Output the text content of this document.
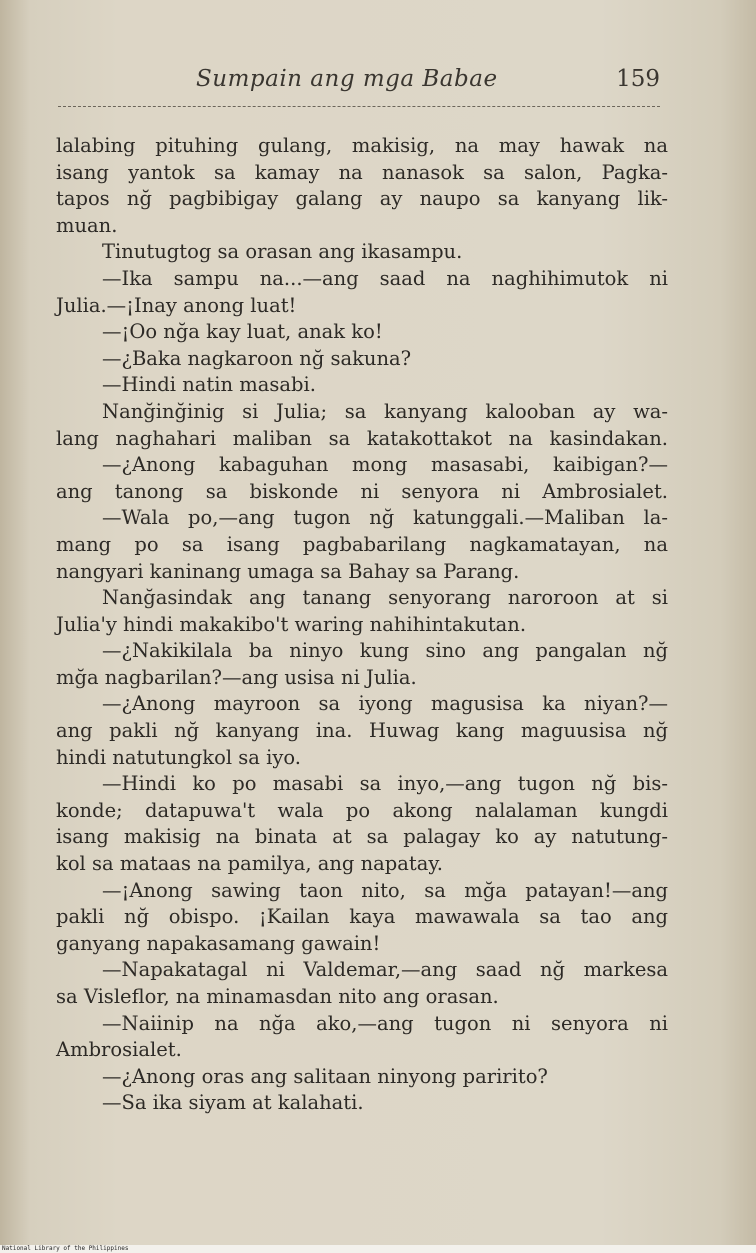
Sumpain ang mga Babae	159
lalabing pituhing gulang, makisig, na may hawak na
isang yantok sa kamay na nanasok sa salon, Pagka-
tapos nğ pagbibigay galang ay naupo sa kanyang lik-
muan.
Tinutugtog sa orasan ang ikasampu.
—Ika sampu na...—ang saad na naghihimutok ni
Julia.—¡Inay anong luat!
—¡Oo nğa kay luat, anak ko!
—¿Baka nagkaroon nğ sakuna?
—Hindi natin masabi.
Nanğinğinig si Julia; sa kanyang kalooban ay wa-
lang naghahari maliban sa katakottakot na kasindakan.
—¿Anong kabaguhan mong masasabi, kaibigan?—
ang tanong sa biskonde ni senyora ni Ambrosialet.
—Wala po,—ang tugon nğ katunggali.—Maliban la-
mang po sa isang pagbabarilang nagkamatayan, na
nangyari kaninang umaga sa Bahay sa Parang.
Nanğasindak ang tanang senyorang naroroon at si
Julia'y hindi makakibo't waring nahihintakutan.
—¿Nakikilala ba ninyo kung sino ang pangalan nğ
mğa nagbarilan?—ang usisa ni Julia.
—¿Anong mayroon sa iyong magusisa ka niyan?—
ang pakli nğ kanyang ina. Huwag kang maguusisa nğ
hindi natutungkol sa iyo.
—Hindi ko po masabi sa inyo,—ang tugon nğ bis-
konde; datapuwa't wala po akong nalalaman kungdi
isang makisig na binata at sa palagay ko ay natutung-
kol sa mataas na pamilya, ang napatay.
—¡Anong sawing taon nito, sa mğa patayan!—ang
pakli nğ obispo. ¡Kailan kaya mawawala sa tao ang
ganyang napakasamang gawain!
—Napakatagal ni Valdemar,—ang saad nğ markesa
sa Visleflor, na minamasdan nito ang orasan.
—Naiinip na nğa ako,—ang tugon ni senyora ni
Ambrosialet.
—¿Anong oras ang salitaan ninyong paririto?
—Sa ika siyam at kalahati.
National Library of the Philippines
